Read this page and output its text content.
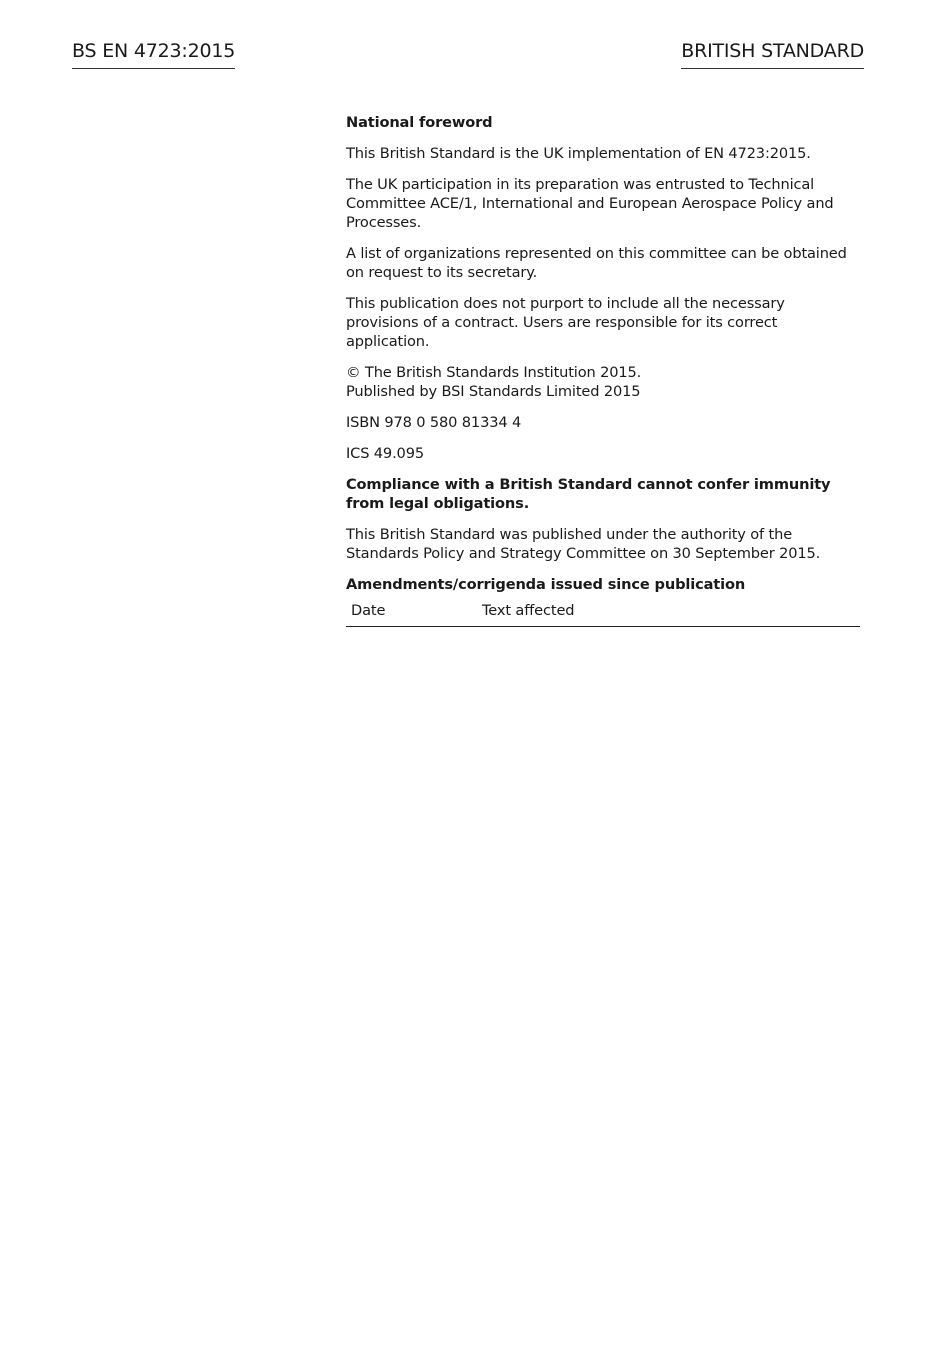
BS EN 4723:2015	BRITISH STANDARD
National foreword

This British Standard is the UK implementation of EN 4723:2015.

The UK participation in its preparation was entrusted to Technical Committee ACE/1, International and European Aerospace Policy and Processes.

A list of organizations represented on this committee can be obtained on request to its secretary.

This publication does not purport to include all the necessary provisions of a contract. Users are responsible for its correct application.

© The British Standards Institution 2015.
Published by BSI Standards Limited 2015

ISBN 978 0 580 81334 4

ICS 49.095

Compliance with a British Standard cannot confer immunity from legal obligations.

This British Standard was published under the authority of the Standards Policy and Strategy Committee on 30 September 2015.

Amendments/corrigenda issued since publication
Date	Text affected
